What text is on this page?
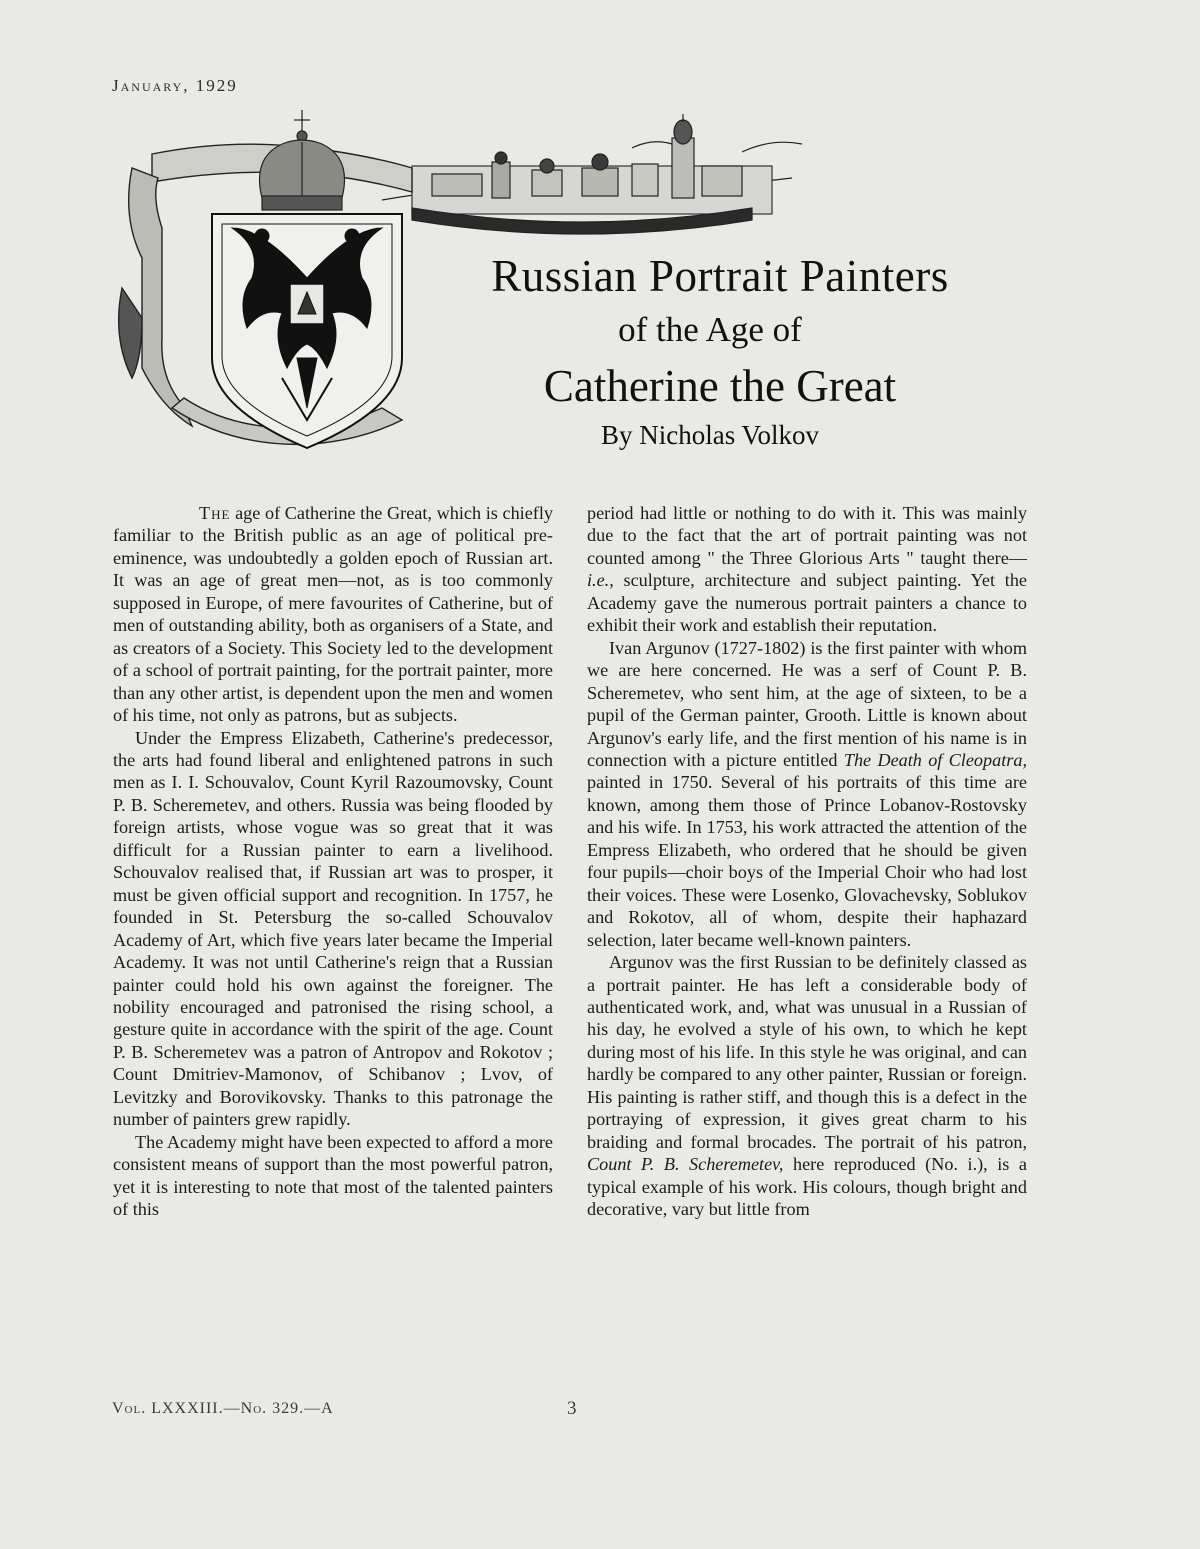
January, 1929
Russian Portrait Painters
of the Age of
Catherine the Great
By Nicholas Volkov

The age of Catherine the Great, which is chiefly familiar to the British public as an age of political pre-eminence, was undoubtedly a golden epoch of Russian art. It was an age of great men—not, as is too commonly supposed in Europe, of mere favourites of Catherine, but of men of outstanding ability, both as organisers of a State, and as creators of a Society. This Society led to the development of a school of portrait painting, for the portrait painter, more than any other artist, is dependent upon the men and women of his time, not only as patrons, but as subjects.

Under the Empress Elizabeth, Catherine's predecessor, the arts had found liberal and enlightened patrons in such men as I. I. Schouvalov, Count Kyril Razoumovsky, Count P. B. Scheremetev, and others. Russia was being flooded by foreign artists, whose vogue was so great that it was difficult for a Russian painter to earn a livelihood. Schouvalov realised that, if Russian art was to prosper, it must be given official support and recognition. In 1757, he founded in St. Petersburg the so-called Schouvalov Academy of Art, which five years later became the Imperial Academy. It was not until Catherine's reign that a Russian painter could hold his own against the foreigner. The nobility encouraged and patronised the rising school, a gesture quite in accordance with the spirit of the age. Count P. B. Scheremetev was a patron of Antropov and Rokotov ; Count Dmitriev-Mamonov, of Schibanov ; Lvov, of Levitzky and Borovikovsky. Thanks to this patronage the number of painters grew rapidly.

The Academy might have been expected to afford a more consistent means of support than the most powerful patron, yet it is interesting to note that most of the talented painters of this

period had little or nothing to do with it. This was mainly due to the fact that the art of portrait painting was not counted among " the Three Glorious Arts " taught there—i.e., sculpture, architecture and subject painting. Yet the Academy gave the numerous portrait painters a chance to exhibit their work and establish their reputation.

Ivan Argunov (1727-1802) is the first painter with whom we are here concerned. He was a serf of Count P. B. Scheremetev, who sent him, at the age of sixteen, to be a pupil of the German painter, Grooth. Little is known about Argunov's early life, and the first mention of his name is in connection with a picture entitled The Death of Cleopatra, painted in 1750. Several of his portraits of this time are known, among them those of Prince Lobanov-Rostovsky and his wife. In 1753, his work attracted the attention of the Empress Elizabeth, who ordered that he should be given four pupils—choir boys of the Imperial Choir who had lost their voices. These were Losenko, Glovachevsky, Soblukov and Rokotov, all of whom, despite their haphazard selection, later became well-known painters.

Argunov was the first Russian to be definitely classed as a portrait painter. He has left a considerable body of authenticated work, and, what was unusual in a Russian of his day, he evolved a style of his own, to which he kept during most of his life. In this style he was original, and can hardly be compared to any other painter, Russian or foreign. His painting is rather stiff, and though this is a defect in the portraying of expression, it gives great charm to his braiding and formal brocades. The portrait of his patron, Count P. B. Scheremetev, here reproduced (No. i.), is a typical example of his work. His colours, though bright and decorative, vary but little from

Vol. LXXXIII.—No. 329.—A	3
